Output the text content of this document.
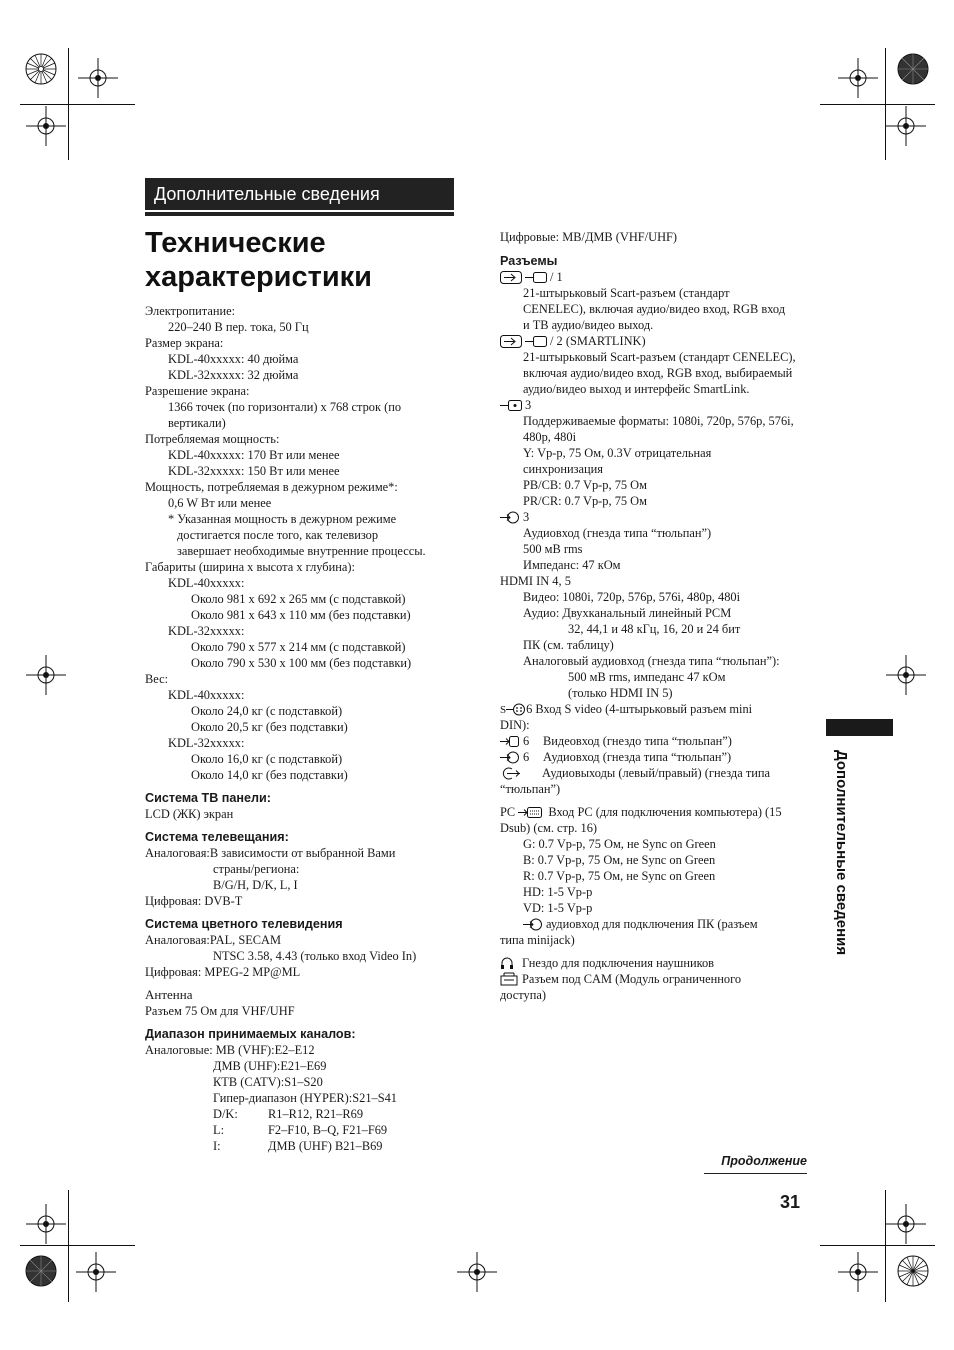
Дополнительные сведения
Технические характеристики
Электропитание:
220–240 В пер. тока, 50 Гц
Размер экрана:
KDL-40xxxxx: 40 дюйма
KDL-32xxxxx: 32 дюйма
Разрешение экрана:
1366 точек (по горизонтали) x 768 строк (по вертикали)
Потребляемая мощность:
KDL-40xxxxx: 170 Вт или менее
KDL-32xxxxx: 150 Вт или менее
Мощность, потребляемая в дежурном режиме*:
0,6 W Вт или менее
* Указанная мощность в дежурном режиме достигается после того, как телевизор завершает необходимые внутренние процессы.
Габариты (ширина x высота x глубина):
KDL-40xxxxx:
Около 981 x 692 x 265 мм (с подставкой)
Около 981 x 643 x 110 мм (без подставки)
KDL-32xxxxx:
Около 790 x 577 x 214 мм (с подставкой)
Около 790 x 530 x 100 мм (без подставки)
Вес:
KDL-40xxxxx:
Около 24,0 кг (с подставкой)
Около 20,5 кг (без подставки)
KDL-32xxxxx:
Около 16,0 кг (с подставкой)
Около 14,0 кг (без подставки)
Система ТВ панели:
LCD (ЖК) экран
Система телевещания:
Аналоговая:В зависимости от выбранной Вами
страны/региона:
B/G/H, D/K, L, I
Цифровая: DVB-T
Система цветного телевидения
Аналоговая:PAL, SECAM
NTSC 3.58, 4.43 (только вход Video In)
Цифровая: MPEG-2 MP@ML
Антенна
Разъем 75 Ом для VHF/UHF
Диапазон принимаемых каналов:
Аналоговые: МВ (VHF):E2–E12
ДМВ (UHF):E21–E69
КТВ (CATV):S1–S20
Гипер-диапазон (HYPER):S21–S41
D/K: R1–R12, R21–R69
L:	F2–F10, B–Q, F21–F69
I:	ДМВ (UHF) B21–B69
Цифровые: МВ/ДМВ (VHF/UHF)
Разъемы
/ 1
21-штырьковый Scart-разъем (стандарт CENELEC), включая аудио/видео вход, RGB вход и ТВ аудио/видео выход.
/ 2 (SMARTLINK)
21-штырьковый Scart-разъем (стандарт CENELEC), включая аудио/видео вход, RGB вход, выбираемый аудио/видео выход и интерфейс SmartLink.
3
Поддерживаемые форматы: 1080i, 720p, 576p, 576i, 480p, 480i
Y: Vp-p, 75 Ом, 0.3V отрицательная синхронизация
PB/CB: 0.7 Vp-p, 75 Ом
PR/CR: 0.7 Vp-p, 75 Ом
3
Аудиовход (гнезда типа “тюльпан”)
500 мВ rms
Импеданс: 47 кОм
HDMI IN 4, 5
Видео: 1080i, 720p, 576p, 576i, 480p, 480i
Аудио: Двухканальный линейный PCM
32, 44,1 и 48 кГц, 16, 20 и 24 бит
ПК (см. таблицу)
Аналоговый аудиовход (гнезда типа “тюльпан”):
500 мВ rms, импеданс 47 кОм
(только HDMI IN 5)
S 6 Вход S video (4-штырьковый разъем mini
DIN):
6 Видеовход (гнездо типа “тюльпан”)
6 Аудиовход (гнезда типа “тюльпан”)
Аудиовыходы (левый/правый) (гнезда типа
“тюльпан”)
PC	Вход PC (для подключения компьютера) (15
Dsub) (см. стр. 16)
G: 0.7 Vp-p, 75 Ом, не Sync on Green
B: 0.7 Vp-p, 75 Ом, не Sync on Green
R: 0.7 Vp-p, 75 Ом, не Sync on Green
HD: 1-5 Vp-p
VD: 1-5 Vp-p
аудиовход для подключения ПК (разъем
типа minijack)
Гнездо для подключения наушников
Разъем под CAM (Модуль ограниченного
доступа)
Дополнительные сведения
Продолжение
31
